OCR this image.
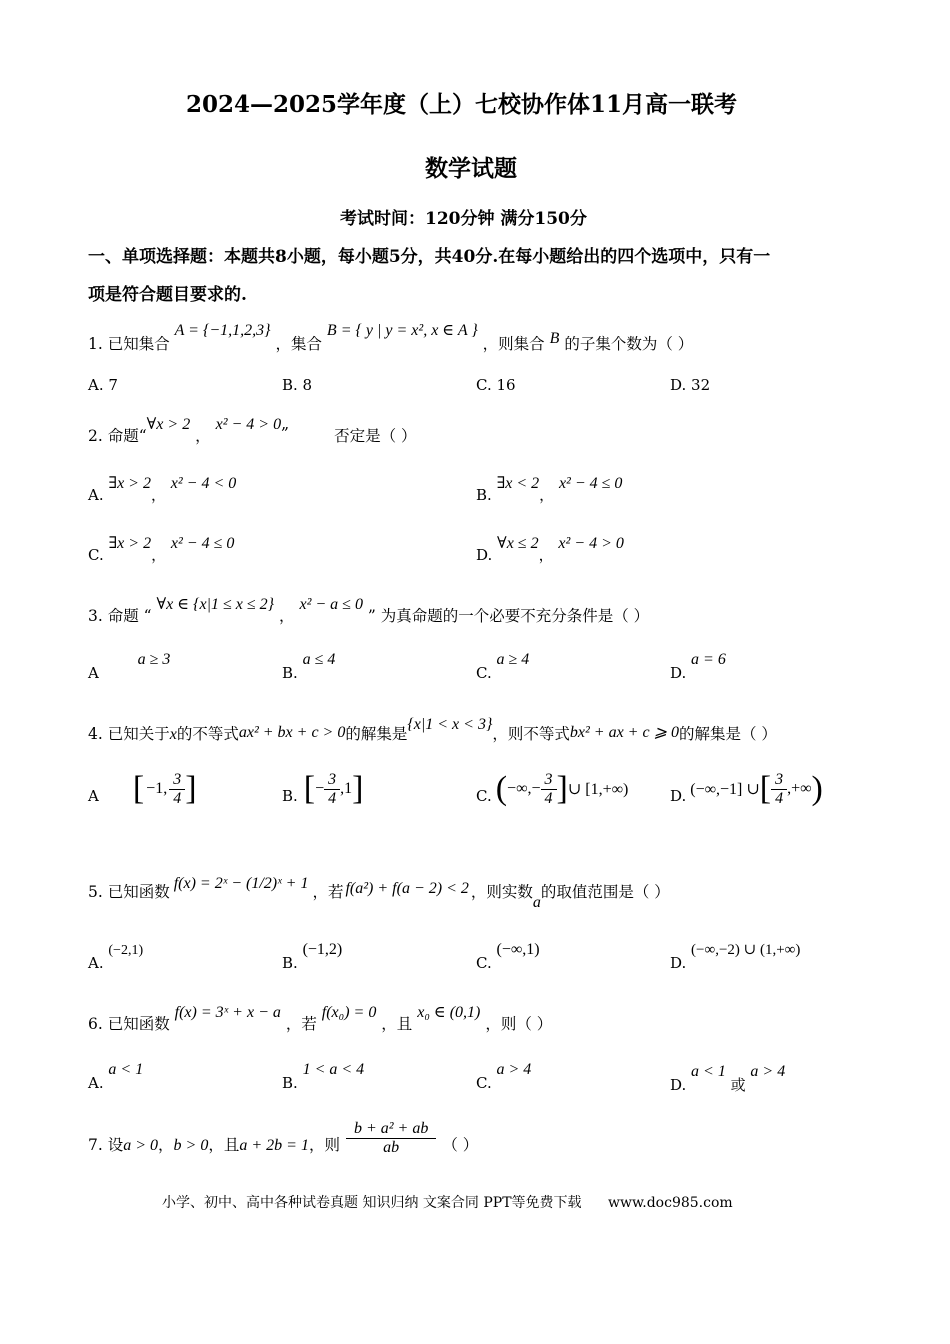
2024—2025学年度（上）七校协作体11月高一联考
数学试题
考试时间：120分钟 满分150分
一、单项选择题：本题共8小题，每小题5分，共40分.在每小题给出的四个选项中，只有一
项是符合题目要求的.
1. 已知集合 A = {−1,1,2,3} ，集合 B = { y | y = x², x ∈ A } ，则集合 B 的子集个数为（ ）
A. 7	B. 8	C. 16	D. 32
2. 命题“∀x > 2 ， x² − 4 > 0„ 否定是（ ）
A. ∃x > 2， x² − 4 < 0
B. ∃x < 2， x² − 4 ≤ 0
C. ∃x > 2， x² − 4 ≤ 0
D. ∀x ≤ 2， x² − 4 > 0
3. 命题 “ ∀x ∈ {x|1 ≤ x ≤ 2} ， x² − a ≤ 0 ” 为真命题的一个必要不充分条件是（ ）
A a ≥ 3
B. a ≤ 4
C. a ≥ 4
D. a = 6
4. 已知关于x的不等式ax² + bx + c > 0的解集是{x|1 < x < 3}，则不等式bx² + ax + c ⩾ 0的解集是（ ）
A [ −1, $\frac{3}{4}$ ]	B. [ − $\frac{3}{4} ,1$ ]	C. ( −∞,− $\frac{3}{4}$ ] ∪ [1,+∞)	D. (−∞,−1] ∪ [ $\frac{3}{4}$ ,+∞ )
5. 已知函数 f(x) = 2ˣ − (1/2)ˣ + 1 ，若 f(a²) + f(a − 2) < 2 ，则实数
a
的取值范围是（ ）
A. (−2,1)
B. (−1,2)
C. (−∞,1)
D. (−∞,−2) ∪ (1,+∞)
6. 已知函数 f(x) = 3ˣ + x − a ，若 f(x₀) = 0 ，且 x₀ ∈ (0,1) ，则（ ）
A. a < 1
B. 1 < a < 4
C. a > 4
D. a < 1 或 a > 4
7. 设 a > 0 ， b > 0 ，且 a + 2b = 1 ，则 $\frac{\text{b + a² + ab}}{ab}$ （ ）
小学、初中、高中各种试卷真题 知识归纳 文案合同 PPT等免费下载 www.doc985.com
